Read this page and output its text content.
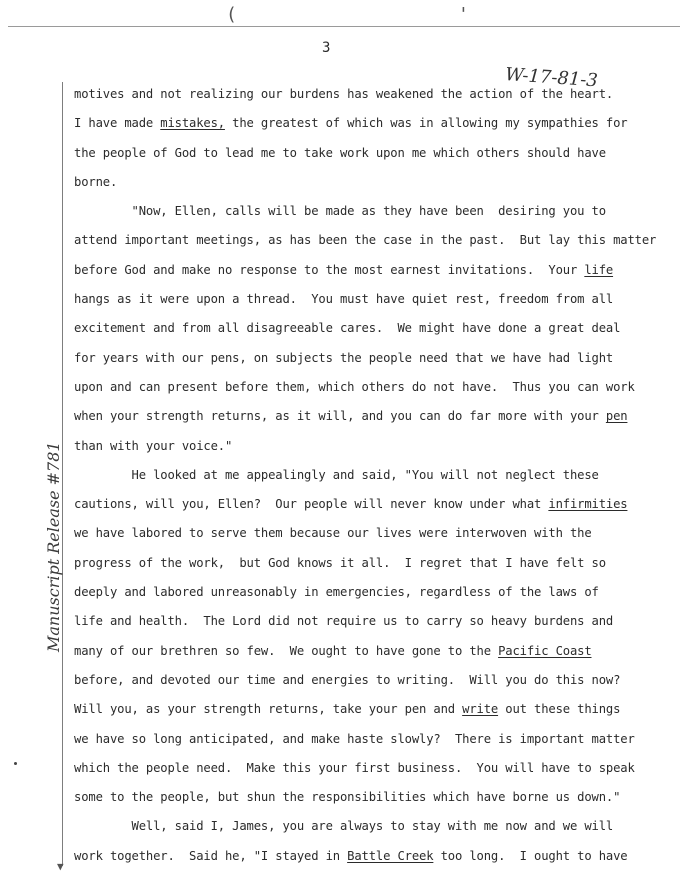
(	'
3
W-17-81-3
▼
Manuscript Release #781
motives and not realizing our burdens has weakened the action of the heart.
I have made mistakes, the greatest of which was in allowing my sympathies for
the people of God to lead me to take work upon me which others should have
borne.
"Now, Ellen, calls will be made as they have been  desiring you to
attend important meetings, as has been the case in the past.  But lay this matter
before God and make no response to the most earnest invitations.  Your life
hangs as it were upon a thread.  You must have quiet rest, freedom from all
excitement and from all disagreeable cares.  We might have done a great deal
for years with our pens, on subjects the people need that we have had light
upon and can present before them, which others do not have.  Thus you can work
when your strength returns, as it will, and you can do far more with your pen
than with your voice."
He looked at me appealingly and said, "You will not neglect these
cautions, will you, Ellen?  Our people will never know under what infirmities
we have labored to serve them because our lives were interwoven with the
progress of the work,  but God knows it all.  I regret that I have felt so
deeply and labored unreasonably in emergencies, regardless of the laws of
life and health.  The Lord did not require us to carry so heavy burdens and
many of our brethren so few.  We ought to have gone to the Pacific Coast
before, and devoted our time and energies to writing.  Will you do this now?
Will you, as your strength returns, take your pen and write out these things
we have so long anticipated, and make haste slowly?  There is important matter
which the people need.  Make this your first business.  You will have to speak
some to the people, but shun the responsibilities which have borne us down."
Well, said I, James, you are always to stay with me now and we will
work together.  Said he, "I stayed in Battle Creek too long.  I ought to have
